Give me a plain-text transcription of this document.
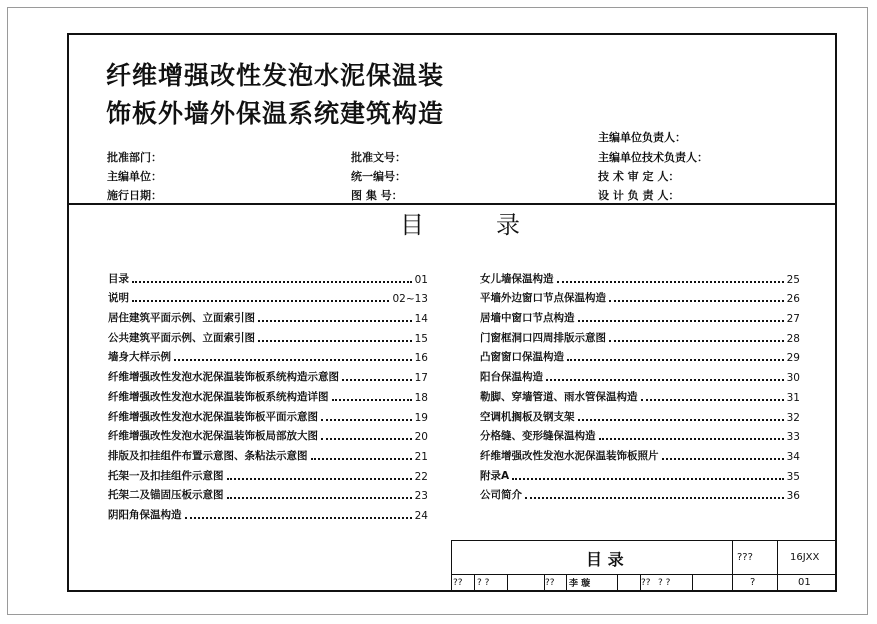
纤维增强改性发泡水泥保温装
饰板外墙外保温系统建筑构造
批准部门：
主编单位：
施行日期：
批准文号：
统一编号：
图 集 号：
主编单位负责人：
主编单位技术负责人：
技 术 审 定 人：
设 计 负 责 人：
目	录
目录	01
说明	02~13
居住建筑平面示例、立面索引图	14
公共建筑平面示例、立面索引图	15
墙身大样示例	16
纤维增强改性发泡水泥保温装饰板系统构造示意图	17
纤维增强改性发泡水泥保温装饰板系统构造详图	18
纤维增强改性发泡水泥保温装饰板平面示意图	19
纤维增强改性发泡水泥保温装饰板局部放大图	20
排版及扣挂组件布置示意图、条粘法示意图	21
托架一及扣挂组件示意图	22
托架二及锚固压板示意图	23
阴阳角保温构造	24
女儿墙保温构造	25
平墙外边窗口节点保温构造	26
居墙中窗口节点构造	27
门窗框洞口四周排版示意图	28
凸窗窗口保温构造	29
阳台保温构造	30
勒脚、穿墙管道、雨水管保温构造	31
空调机搁板及钢支架	32
分格缝、变形缝保温构造	33
纤维增强改性发泡水泥保温装饰板照片	34
附录A	35
公司简介	36
目 录	???	16JXX
?	01
?? ? ?	?? 李 璇	?? ? ?
